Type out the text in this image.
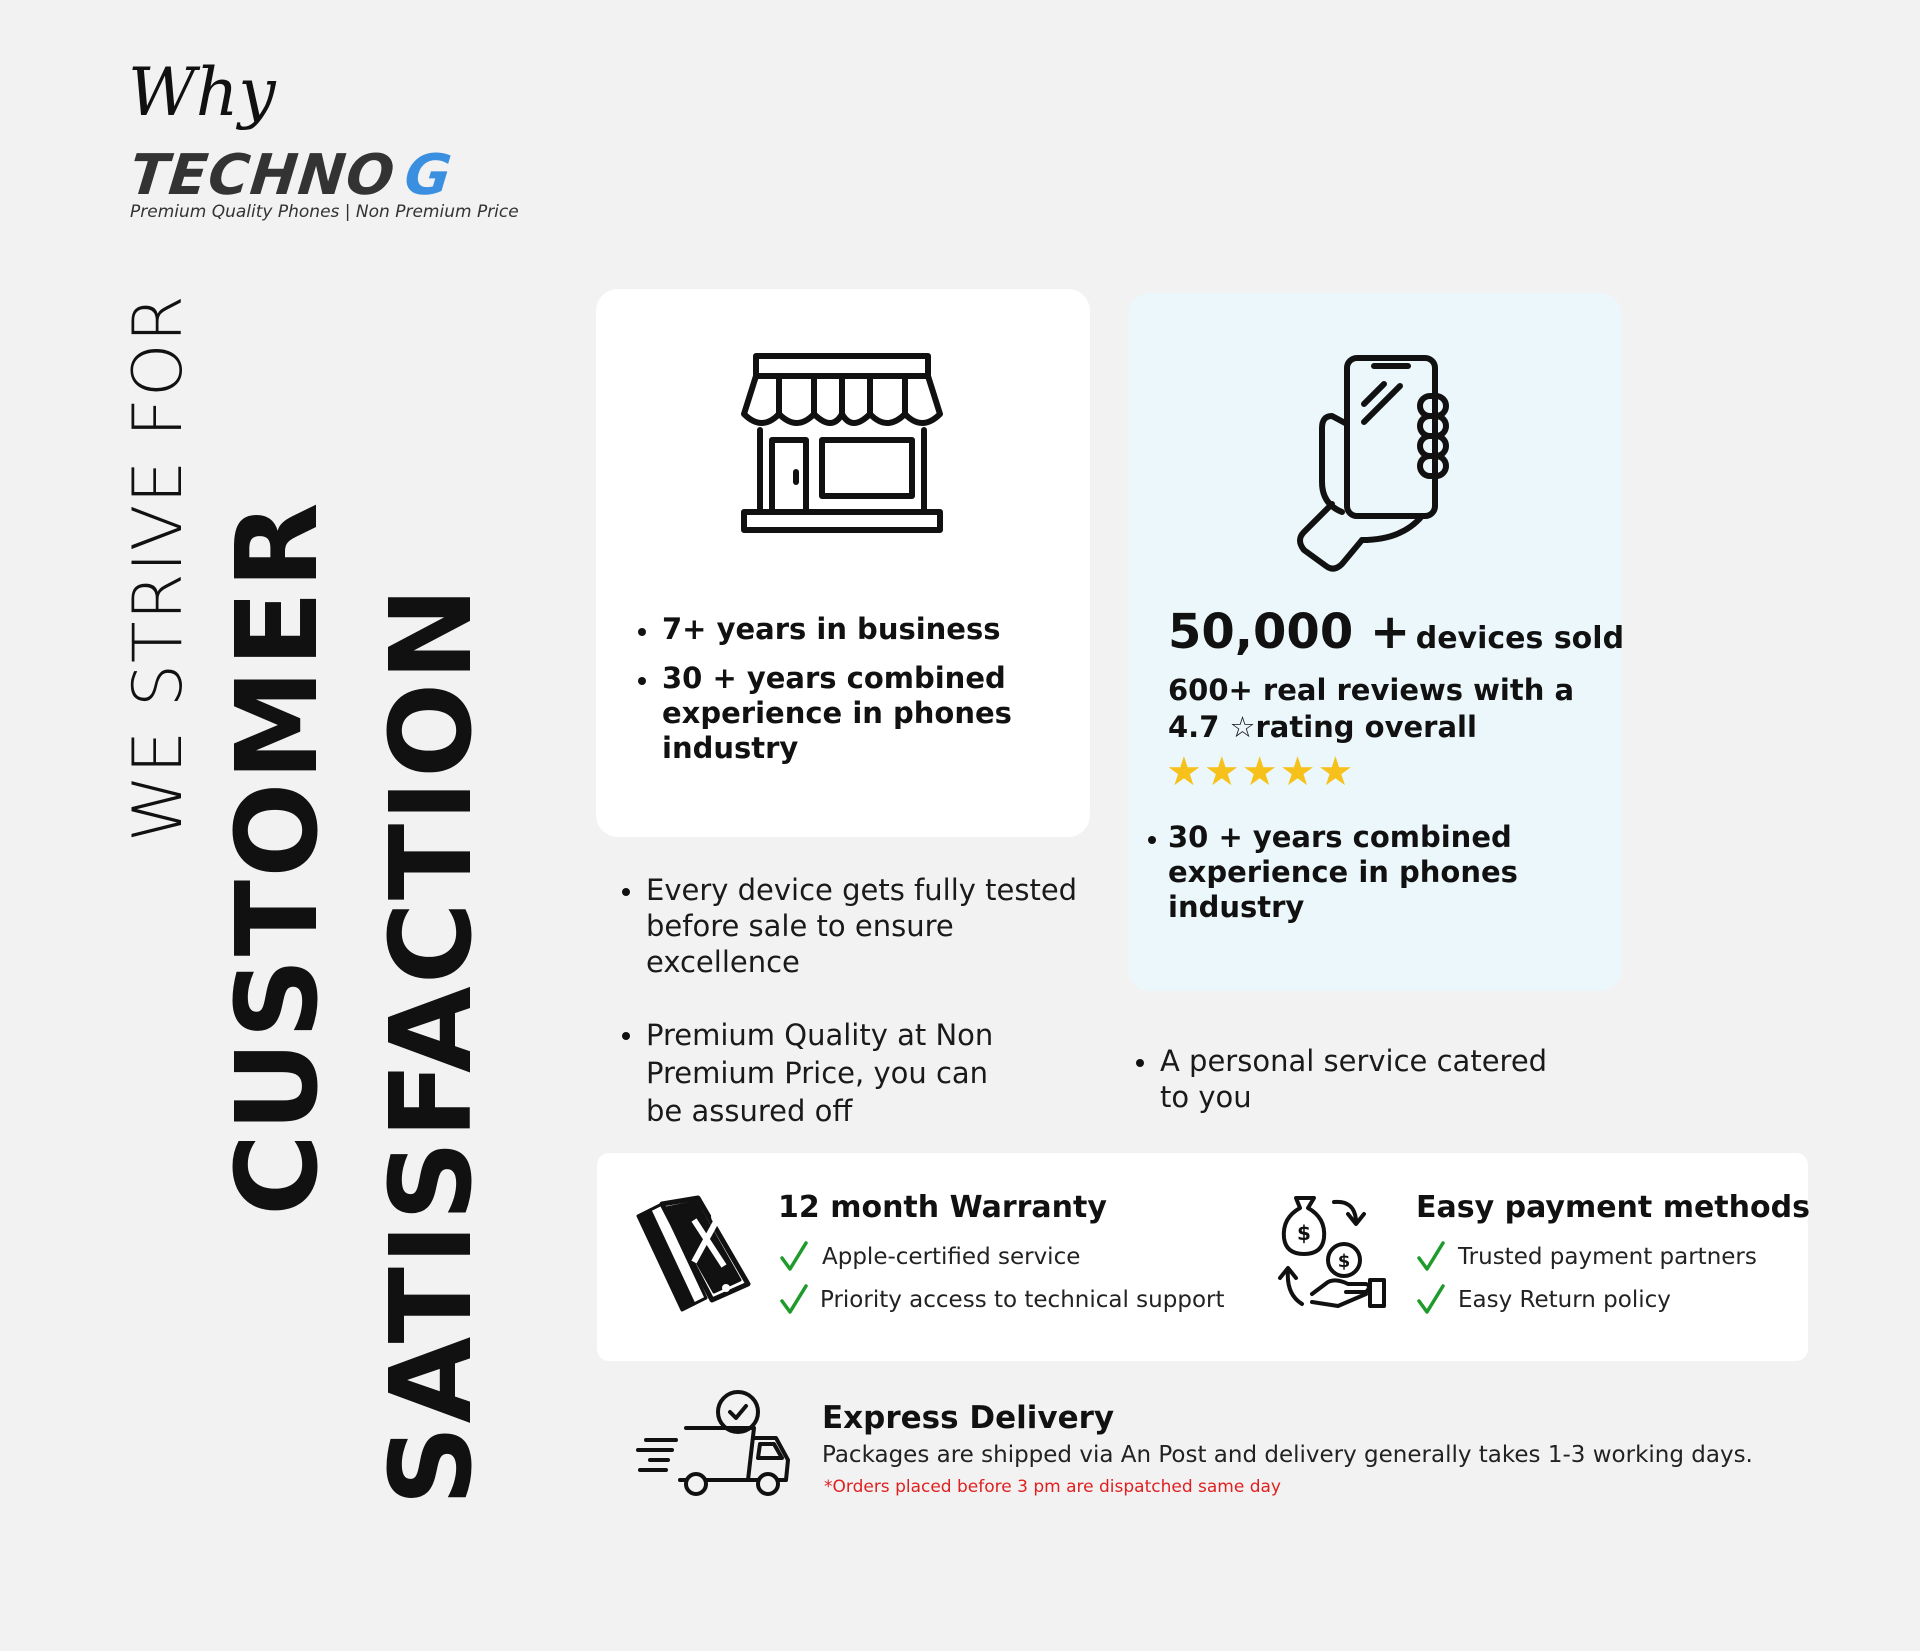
Why
TECHNOG
Premium Quality Phones | Non Premium Price
WE STRIVE FOR CUSTOMER SATISFACTION	7+ years in business
30 + years combined experience in phones industry
50,000 + devices sold
600+ real reviews with a 4.7 ☆rating overall
★★★★★
30 + years combined experience in phones industry
Every device gets fully tested before sale to ensure excellence
Premium Quality at Non Premium Price, you can be assured off
A personal service catered to you
12 month Warranty
Apple-certified service
Priority access to technical support
$
$
Easy payment methods
Trusted payment partners
Easy Return policy
Express Delivery
Packages are shipped via An Post and delivery generally takes 1-3 working days.
*Orders placed before 3 pm are dispatched same day
